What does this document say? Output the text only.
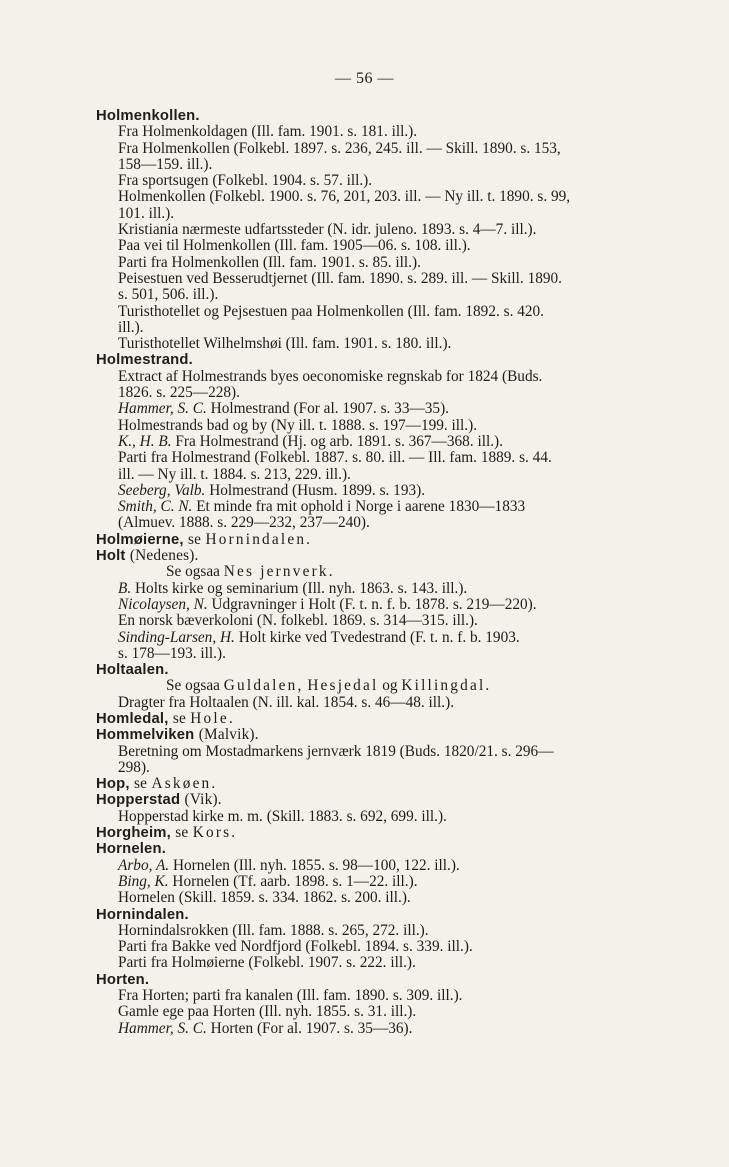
— 56 —
Holmenkollen.
Fra Holmenkoldagen (Ill. fam. 1901. s. 181. ill.).
Fra Holmenkollen (Folkebl. 1897. s. 236, 245. ill. — Skill. 1890. s. 153,
158—159. ill.).
Fra sportsugen (Folkebl. 1904. s. 57. ill.).
Holmenkollen (Folkebl. 1900. s. 76, 201, 203. ill. — Ny ill. t. 1890. s. 99,
101. ill.).
Kristiania nærmeste udfartssteder (N. idr. juleno. 1893. s. 4—7. ill.).
Paa vei til Holmenkollen (Ill. fam. 1905—06. s. 108. ill.).
Parti fra Holmenkollen (Ill. fam. 1901. s. 85. ill.).
Peisestuen ved Besserudtjernet (Ill. fam. 1890. s. 289. ill. — Skill. 1890.
s. 501, 506. ill.).
Turisthotellet og Pejsestuen paa Holmenkollen (Ill. fam. 1892. s. 420.
ill.).
Turisthotellet Wilhelmshøi (Ill. fam. 1901. s. 180. ill.).
Holmestrand.
Extract af Holmestrands byes oeconomiske regnskab for 1824 (Buds.
1826. s. 225—228).
Hammer, S. C. Holmestrand (For al. 1907. s. 33—35).
Holmestrands bad og by (Ny ill. t. 1888. s. 197—199. ill.).
K., H. B. Fra Holmestrand (Hj. og arb. 1891. s. 367—368. ill.).
Parti fra Holmestrand (Folkebl. 1887. s. 80. ill. — Ill. fam. 1889. s. 44.
ill. — Ny ill. t. 1884. s. 213, 229. ill.).
Seeberg, Valb. Holmestrand (Husm. 1899. s. 193).
Smith, C. N. Et minde fra mit ophold i Norge i aarene 1830—1833
(Almuev. 1888. s. 229—232, 237—240).
Holmøierne, se Hornindalen.
Holt (Nedenes).
Se ogsaa Nes jernverk.
B. Holts kirke og seminarium (Ill. nyh. 1863. s. 143. ill.).
Nicolaysen, N. Udgravninger i Holt (F. t. n. f. b. 1878. s. 219—220).
En norsk bæverkoloni (N. folkebl. 1869. s. 314—315. ill.).
Sinding-Larsen, H. Holt kirke ved Tvedestrand (F. t. n. f. b. 1903.
s. 178—193. ill.).
Holtaalen.
Se ogsaa Guldalen, Hesjedal og Killingdal.
Dragter fra Holtaalen (N. ill. kal. 1854. s. 46—48. ill.).
Homledal, se Hole.
Hommelviken (Malvik).
Beretning om Mostadmarkens jernværk 1819 (Buds. 1820/21. s. 296—
298).
Hop, se Askøen.
Hopperstad (Vik).
Hopperstad kirke m. m. (Skill. 1883. s. 692, 699. ill.).
Horgheim, se Kors.
Hornelen.
Arbo, A. Hornelen (Ill. nyh. 1855. s. 98—100, 122. ill.).
Bing, K. Hornelen (Tf. aarb. 1898. s. 1—22. ill.).
Hornelen (Skill. 1859. s. 334. 1862. s. 200. ill.).
Hornindalen.
Hornindalsrokken (Ill. fam. 1888. s. 265, 272. ill.).
Parti fra Bakke ved Nordfjord (Folkebl. 1894. s. 339. ill.).
Parti fra Holmøierne (Folkebl. 1907. s. 222. ill.).
Horten.
Fra Horten; parti fra kanalen (Ill. fam. 1890. s. 309. ill.).
Gamle ege paa Horten (Ill. nyh. 1855. s. 31. ill.).
Hammer, S. C. Horten (For al. 1907. s. 35—36).
